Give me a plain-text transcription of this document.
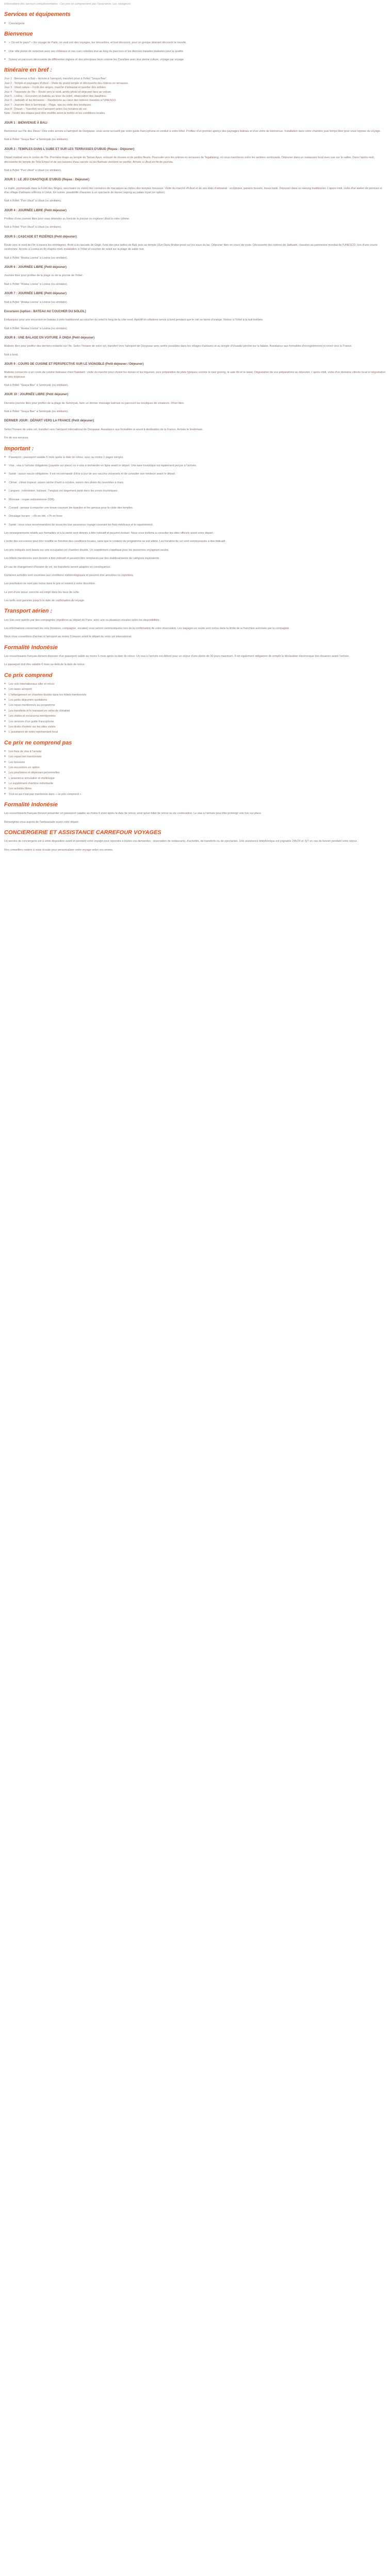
Informations des services complémentaires : Ces prix ne comprennent pas l'assurance. Les voyageurs

Services et équipements
● Conciergerie
Bienvenue
● « Où est le pays? » En voyage de Paris, on veut voir des voyages, les rencontres, et tout découvrir, pour un groupe désirant découvrir le monde.
● Une ville pleine de surprises avec ses châteaux et ses rues colorées tout au long du parcours et les diverses balades réalisées pour la qualité.
● Suivez un parcours découverte de différentes régions et des principaux lieux comme les Caraïbes avec leur pleine culture, voyage par voyage.
Itinéraire en bref :

Jour 1 : Bienvenue à Bali – Arrivée à l'aéroport, transfert privé à l'hôtel "Seaya Bee".

Jour 2 : Temple et paysages d'Ubud – Visite du grand temple et découverte des rizières en terrasses.

Jour 3 : Ubud nature – Forêt des singes, marché d'artisanat et quartier des artistes.

Jour 4 : Traversée de l'île – Route vers le nord, arrêts photo et déjeuner face au volcan.

Jour 5 : Lovina – Excursion en bateau au lever du soleil, observation des dauphins.

Jour 6 : Jatiluwih et les terrasses – Randonnée au cœur des rizières classées à l'UNESCO.

Jour 7 : Journée libre à Seminyak – Plage, spa ou visite des boutiques.

Jour 8 : Départ – Transfert vers l'aéroport selon vos horaires de vol.

Note : l'ordre des étapes peut être modifié selon la météo et les conditions locales.

JOUR 1 : BIENVENUE À BALI

Bienvenue sur l'île des Dieux ! Dès votre arrivée à l'aéroport de Denpasar, vous serez accueilli par votre guide francophone et conduit à votre hôtel. Profitez d'un premier aperçu des paysages balinais et d'un verre de bienvenue. Installation dans votre chambre puis temps libre pour vous reposer du voyage.

Nuit à l'hôtel "Seaya Bee" à Seminyak (ou similaire).

JOUR 2 : TEMPLES DANS L'AUBE ET SUR LES TERRASSES D'UBUD (Repas : Déjeuner)

Départ matinal vers le centre de l'île. Première étape au temple de Taman Ayun, entouré de douves et de jardins fleuris. Poursuite vers les rizières en terrasses de Tegallalang, où vous marcherez entre les sentiers verdoyants. Déjeuner dans un restaurant local avec vue sur la vallée. Dans l'après-midi, découverte du temple de Tirta Empul et de ses bassins d'eau sacrée où les Balinais viennent se purifier. Arrivée à Ubud en fin de journée.

Nuit à l'hôtel "Puri Ubud" à Ubud (ou similaire).

JOUR 3 : LE JEU CHAOTIQUE D'UBUD (Repas : Déjeuner)

Le matin, promenade dans la Forêt des Singes, sanctuaire où vivent des centaines de macaques au milieu des temples moussus. Visite du marché d'Ubud et de ses étals d'artisanat : sculptures, paniers tressés, tissus batik. Déjeuner dans un warung traditionnel. L'après-midi, visite d'un atelier de peinture et d'un village d'artisans orfèvres à Celuk. En soirée, possibilité d'assister à un spectacle de danse Legong au palais royal (en option).

Nuit à l'hôtel "Puri Ubud" à Ubud (ou similaire).

JOUR 4 : JOURNÉE LIBRE (Petit déjeuner)

Profitez d'une journée libre pour vous détendre au bord de la piscine ou explorer Ubud à votre rythme.

Nuit à l'hôtel "Puri Ubud" à Ubud (ou similaire).

JOUR 5 : CASCADE ET RIZIÈRES (Petit déjeuner)

Route vers le nord de l'île à travers les montagnes. Arrêt à la cascade de Gitgit, l'une des plus belles de Bali, puis au temple Ulun Danu Bratan posé sur les eaux du lac. Déjeuner libre en cours de route. Découverte des rizières de Jatiluwih, classées au patrimoine mondial de l'UNESCO, lors d'une courte randonnée. Arrivée à Lovina en fin d'après-midi, installation à l'hôtel et coucher de soleil sur la plage de sable noir.

Nuit à l'hôtel "Aneka Lovina" à Lovina (ou similaire).

JOUR 6 : JOURNÉE LIBRE (Petit déjeuner)

Journée libre pour profiter de la plage ou de la piscine de l'hôtel.

Nuit à l'hôtel "Aneka Lovina" à Lovina (ou similaire).

JOUR 7 : JOURNÉE LIBRE (Petit déjeuner)

Nuit à l'hôtel "Aneka Lovina" à Lovina (ou similaire).

Excursion (option : BATEAU AU COUCHER DU SOLEIL)

Embarquez pour une excursion en bateau à voile traditionnel au coucher du soleil le long de la côte nord. Apéritif et collations servis à bord pendant que le ciel se teinte d'orange. Retour à l'hôtel à la nuit tombée.

Nuit à l'hôtel "Aneka Lovina" à Lovina (ou similaire).

JOUR 8 : UNE BALADE EN VOITURE À ONDA (Petit déjeuner)

Matinée libre pour profiter des derniers instants sur l'île. Selon l'horaire de votre vol, transfert vers l'aéroport de Denpasar avec arrêts possibles dans les villages d'artisans et au temple d'Uluwatu perché sur la falaise. Assistance aux formalités d'enregistrement et envol vers la France.

Nuit à bord.

JOUR 9 : COURS DE CUISINE ET PERSPECTIVE SUR LE VIGNOBLE (Petit déjeuner / Déjeuner)

Matinée consacrée à un cours de cuisine balinaise chez l'habitant : visite du marché pour choisir les épices et les légumes, puis préparation de plats typiques comme le nasi goreng, le sate lilit et le lawar. Dégustation de vos préparations au déjeuner. L'après-midi, visite d'un domaine viticole local et dégustation de vins tropicaux.

Nuit à l'hôtel "Seaya Bee" à Seminyak (ou similaire).

JOUR 10 : JOURNÉE LIBRE (Petit déjeuner)

Dernière journée libre pour profiter de la plage de Seminyak, faire un dernier massage balinais ou parcourir les boutiques de créateurs. Dîner libre.

Nuit à l'hôtel "Seaya Bee" à Seminyak (ou similaire).

DERNIER JOUR : DÉPART VERS LA FRANCE (Petit déjeuner)

Selon l'horaire de votre vol, transfert vers l'aéroport international de Denpasar. Assistance aux formalités et envol à destination de la France. Arrivée le lendemain.

Fin de nos services.

Important :
● Passeport : passeport valable 6 mois après la date de retour, avec au moins 2 pages vierges.
● Visa : visa à l'arrivée obligatoire (payable sur place) ou e-visa à demander en ligne avant le départ. Une taxe touristique est également perçue à l'arrivée.
● Santé : aucun vaccin obligatoire. Il est recommandé d'être à jour de ses vaccins universels et de consulter son médecin avant le départ.
● Climat : climat tropical, saison sèche d'avril à octobre, saison des pluies de novembre à mars.
● Langues : indonésien, balinais ; l'anglais est largement parlé dans les zones touristiques.
● Monnaie : roupie indonésienne (IDR).
● Conseil : pensez à emporter une tenue couvrant les épaules et les genoux pour la visite des temples.
● Décalage horaire : +6h en été, +7h en hiver.
● Santé : nous vous recommandons de souscrire une assurance voyage couvrant les frais médicaux et le rapatriement.

Les renseignements relatifs aux formalités et à la santé sont donnés à titre indicatif et peuvent évoluer. Nous vous invitons à consulter les sites officiels avant votre départ.

L'ordre des excursions peut être modifié en fonction des conditions locales, sans que le contenu du programme ne soit altéré. Les horaires de vol sont communiqués à titre indicatif.

Les prix indiqués sont basés sur une occupation en chambre double. Un supplément s'applique pour les personnes voyageant seules.

Les hôtels mentionnés sont donnés à titre indicatif et peuvent être remplacés par des établissements de catégorie équivalente.

En cas de changement d'horaire de vol, les transferts seront adaptés en conséquence.

Certaines activités sont soumises aux conditions météorologiques et peuvent être annulées ou reportées.

Les pourboires ne sont pas inclus dans le prix et restent à votre discrétion.

Le port d'une tenue correcte est exigé dans les lieux de culte.

Les tarifs sont garantis jusqu'à la date de confirmation du voyage.

Transport aérien :

Les vols sont opérés par des compagnies régulières au départ de Paris, avec une ou plusieurs escales selon les disponibilités.

Les informations concernant les vols (horaires, compagnie, escales) vous seront communiquées lors de la confirmation de votre réservation. Les bagages en soute sont inclus dans la limite de la franchise autorisée par la compagnie.

Nous vous conseillons d'arriver à l'aéroport au moins 3 heures avant le départ de votre vol international.

Formalité Indonésie

Les ressortissants français doivent disposer d'un passeport valide au moins 6 mois après la date de retour. Un visa à l'arrivée est délivré pour un séjour d'une durée de 30 jours maximum. Il est également obligatoire de remplir la déclaration électronique des douanes avant l'arrivée.

Le passeport doit être valable 6 mois au-delà de la date de retour.

Ce prix comprend
● Les vols internationaux aller et retour
● Les taxes aéroport
● L'hébergement en chambre double dans les hôtels mentionnés
● Les petits déjeuners quotidiens
● Les repas mentionnés au programme
● Les transferts et le transport en véhicule climatisé
● Les visites et excursions mentionnées
● Les services d'un guide francophone
● Les droits d'entrée sur les sites visités
● L'assistance de notre représentant local
Ce prix ne comprend pas
● Les frais de visa à l'arrivée
● Les repas non mentionnés
● Les boissons
● Les excursions en option
● Les pourboires et dépenses personnelles
● L'assurance annulation et multirisque
● Le supplément chambre individuelle
● Les activités libres
● Tout ce qui n'est pas mentionné dans « ce prix comprend »
Formalité Indonésie

Les ressortissants français doivent présenter un passeport valable au moins 6 mois après la date de retour, ainsi qu'un billet de retour ou de continuation. Le visa à l'arrivée peut être prolongé une fois sur place.

Renseignez-vous auprès de l'ambassade avant votre départ.

CONCIERGERIE ET ASSISTANCE CARREFOUR VOYAGES

Un service de conciergerie est à votre disposition avant et pendant votre voyage pour répondre à toutes vos demandes : réservation de restaurants, d'activités, de transferts ou de spectacles. Une assistance téléphonique est joignable 24h/24 et 7j/7 en cas de besoin pendant votre séjour.

Nos conseillers restent à votre écoute pour personnaliser votre voyage selon vos envies.
